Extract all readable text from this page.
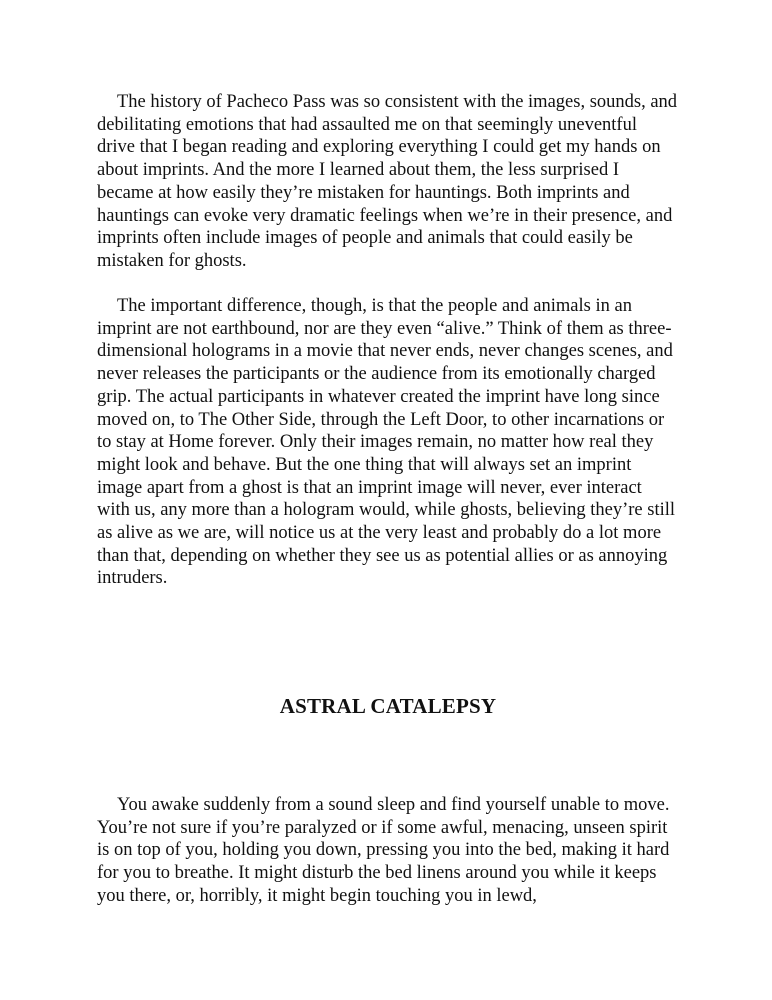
The history of Pacheco Pass was so consistent with the images, sounds, and debilitating emotions that had assaulted me on that seemingly uneventful drive that I began reading and exploring everything I could get my hands on about imprints. And the more I learned about them, the less surprised I became at how easily they’re mistaken for hauntings. Both imprints and hauntings can evoke very dramatic feelings when we’re in their presence, and imprints often include images of people and animals that could easily be mistaken for ghosts.

The important difference, though, is that the people and animals in an imprint are not earthbound, nor are they even “alive.” Think of them as three-dimensional holograms in a movie that never ends, never changes scenes, and never releases the participants or the audience from its emotionally charged grip. The actual participants in whatever created the imprint have long since moved on, to The Other Side, through the Left Door, to other incarnations or to stay at Home forever. Only their images remain, no matter how real they might look and behave. But the one thing that will always set an imprint image apart from a ghost is that an imprint image will never, ever interact with us, any more than a hologram would, while ghosts, believing they’re still as alive as we are, will notice us at the very least and probably do a lot more than that, depending on whether they see us as potential allies or as annoying intruders.

ASTRAL CATALEPSY

You awake suddenly from a sound sleep and find yourself unable to move. You’re not sure if you’re paralyzed or if some awful, menacing, unseen spirit is on top of you, holding you down, pressing you into the bed, making it hard for you to breathe. It might disturb the bed linens around you while it keeps you there, or, horribly, it might begin touching you in lewd,
